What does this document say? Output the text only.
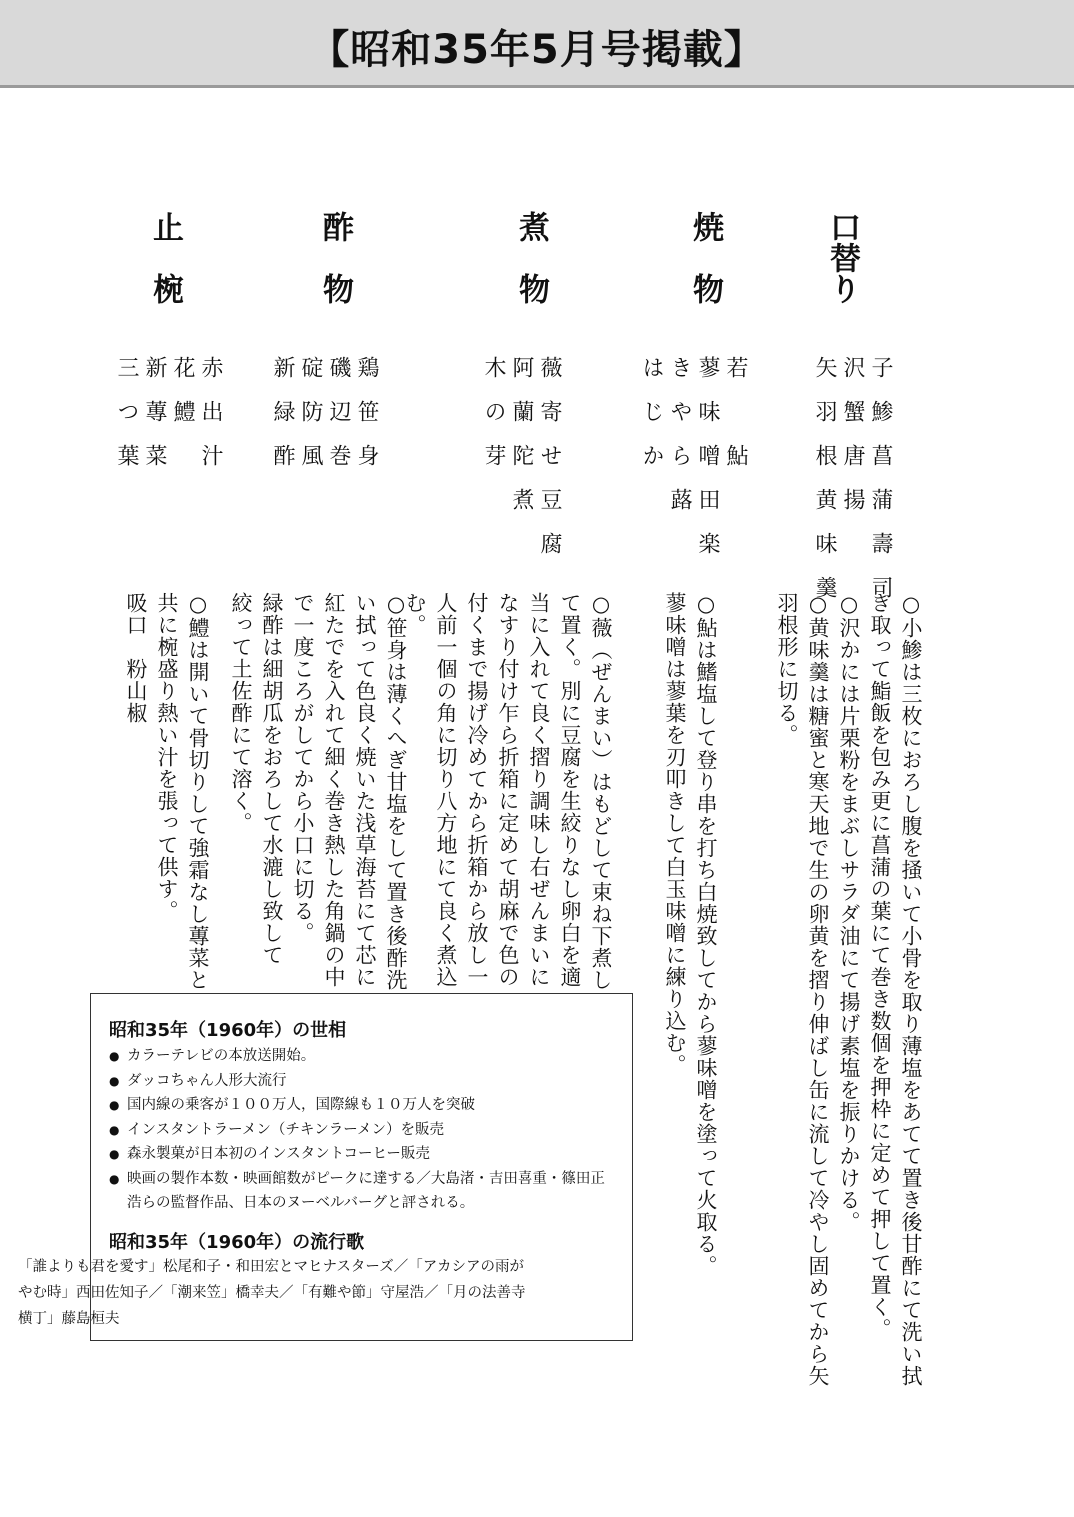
【昭和35年5月号掲載】
口替り
焼　物
煮　物
酢　物
止　椀
子　鯵　菖　蒲　壽　司
沢　蟹　唐　揚
矢　羽　根　黄　味　羹
若　　　鮎
蓼　味　噌　田　楽
き　や　ら　蕗
は　じ　か
薇　寄　せ　豆　腐
阿　蘭　陀　煮
木　の　芽
鶏　笹　身
磯　辺　巻
碇　防　風
新　緑　酢
赤　出　汁
花　鱧
新　蓴　菜
三　つ　葉
○小鯵は三枚におろし腹を掻いて小骨を取り薄塩をあてて置き後甘酢にて洗い拭
き取って鮨飯を包み更に菖蒲の葉にて巻き数個を押枠に定めて押して置く。
○沢かには片栗粉をまぶしサラダ油にて揚げ素塩を振りかける。
○黄味羹は糖蜜と寒天地で生の卵黄を摺り伸ばし缶に流して冷やし固めてから矢
羽根形に切る。
○鮎は鰭塩して登り串を打ち白焼致してから蓼味噌を塗って火取る。
蓼味噌は蓼葉を刃叩きして白玉味噌に練り込む。
○薇（ぜんまい）はもどして束ね下煮し
て置く。別に豆腐を生絞りなし卵白を適
当に入れて良く摺り調味し右ぜんまいに
なすり付け乍ら折箱に定めて胡麻で色の
付くまで揚げ冷めてから折箱から放し一
人前一個の角に切り八方地にて良く煮込
む。
○笹身は薄くへぎ甘塩をして置き後酢洗
い拭って色良く焼いた浅草海苔にて芯に
紅たでを入れて細く巻き熱した角鍋の中
で一度ころがしてから小口に切る。
緑酢は細胡瓜をおろして水漉し致して
絞って土佐酢にて溶く。
○鱧は開いて骨切りして強霜なし蓴菜と
共に椀盛り熱い汁を張って供す。
吸口　粉山椒
昭和35年（1960年）の世相
● カラーテレビの本放送開始。
● ダッコちゃん人形大流行
● 国内線の乗客が１００万人，国際線も１０万人を突破
● インスタントラーメン（チキンラーメン）を販売
● 森永製菓が日本初のインスタントコーヒー販売
● 映画の製作本数・映画館数がピークに達する／大島渚・吉田喜重・篠田正浩らの監督作品、日本のヌーベルバーグと評される。
昭和35年（1960年）の流行歌
「誰よりも君を愛す」松尾和子・和田宏とマヒナスターズ／「アカシアの雨がやむ時」西田佐知子／「潮来笠」橋幸夫／「有難や節」守屋浩／「月の法善寺横丁」藤島桓夫
